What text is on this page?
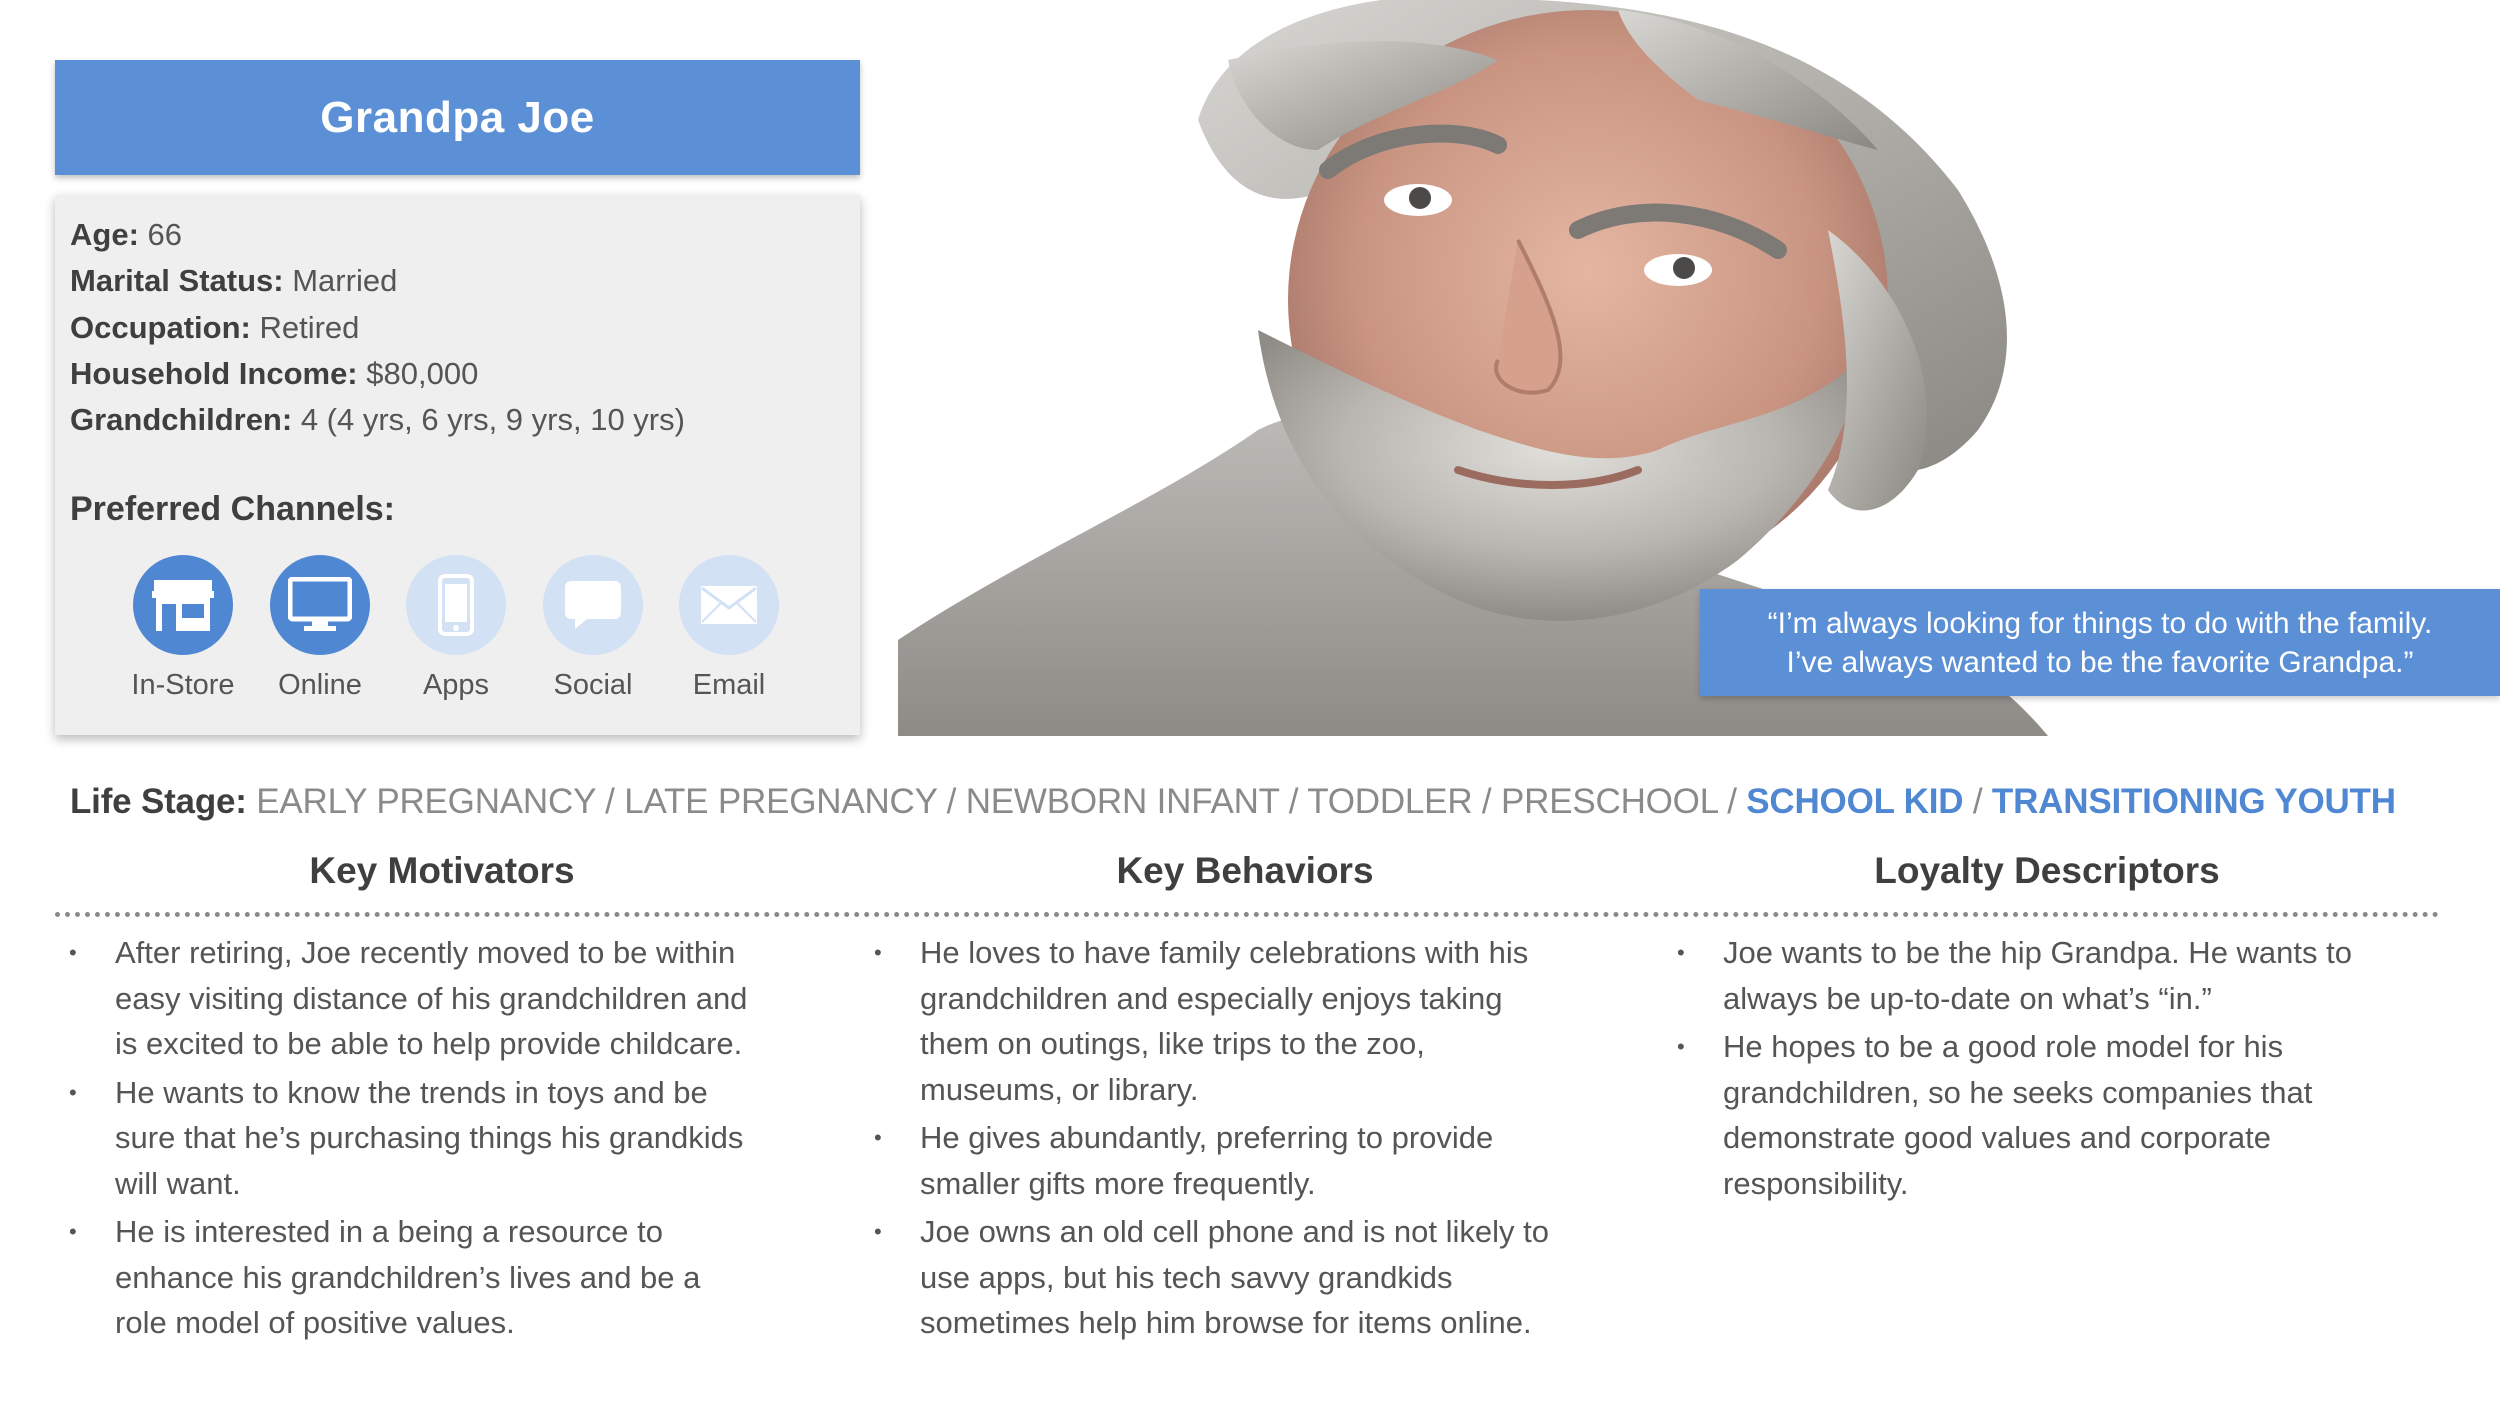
Grandpa Joe
Age: 66
Marital Status: Married
Occupation: Retired
Household Income: $80,000
Grandchildren: 4 (4 yrs, 6 yrs, 9 yrs, 10 yrs)
Preferred Channels:
In-Store	Online	Apps	Social	Email
“I’m always looking for things to do with the family.
I’ve always wanted to be the favorite Grandpa.”
Life Stage: EARLY PREGNANCY / LATE PREGNANCY / NEWBORN INFANT / TODDLER / PRESCHOOL / SCHOOL KID / TRANSITIONING YOUTH
Key Motivators	Key Behaviors	Loyalty Descriptors
• After retiring, Joe recently moved to be within easy visiting distance of his grandchildren and is excited to be able to help provide childcare.
• He wants to know the trends in toys and be sure that he’s purchasing things his grandkids will want.
• He is interested in a being a resource to enhance his grandchildren’s lives and be a role model of positive values.
• He loves to have family celebrations with his grandchildren and especially enjoys taking them on outings, like trips to the zoo, museums, or library.
• He gives abundantly, preferring to provide smaller gifts more frequently.
• Joe owns an old cell phone and is not likely to use apps, but his tech savvy grandkids sometimes help him browse for items online.
• Joe wants to be the hip Grandpa. He wants to always be up-to-date on what’s “in.”
• He hopes to be a good role model for his grandchildren, so he seeks companies that demonstrate good values and corporate responsibility.
